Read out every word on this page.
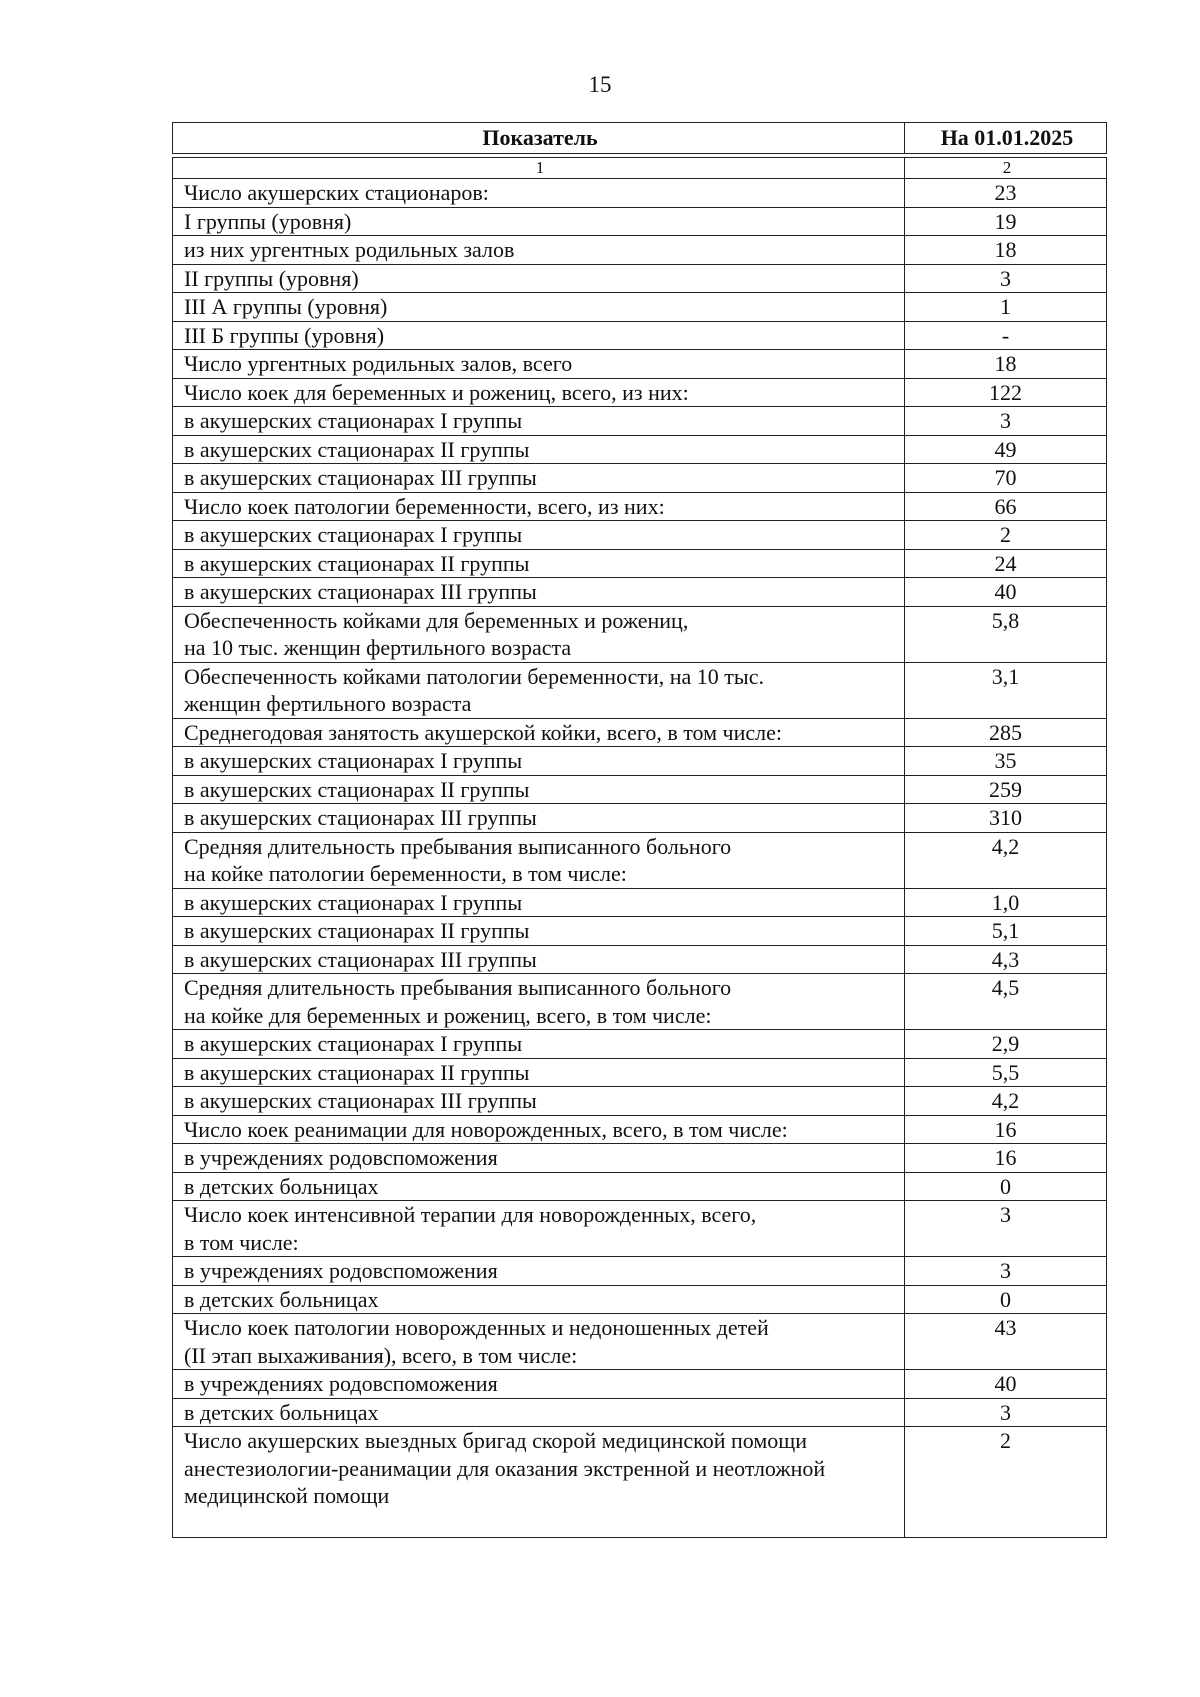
15
Показатель	На 01.01.2025

1	2
Число акушерских стационаров:	23
I группы (уровня)	19
из них ургентных родильных залов	18
II группы (уровня)	3
III А группы (уровня)	1
III Б группы (уровня)	-
Число ургентных родильных залов, всего	18
Число коек для беременных и рожениц, всего, из них:	122
в акушерских стационарах I группы	3
в акушерских стационарах II группы	49
в акушерских стационарах III группы	70
Число коек патологии беременности, всего, из них:	66
в акушерских стационарах I группы	2
в акушерских стационарах II группы	24
в акушерских стационарах III группы	40
Обеспеченность койками для беременных и рожениц,
на 10 тыс. женщин фертильного возраста	5,8
Обеспеченность койками патологии беременности, на 10 тыс.
женщин фертильного возраста	3,1
Среднегодовая занятость акушерской койки, всего, в том числе:	285
в акушерских стационарах I группы	35
в акушерских стационарах II группы	259
в акушерских стационарах III группы	310
Средняя длительность пребывания выписанного больного
на койке патологии беременности, в том числе:	4,2
в акушерских стационарах I группы	1,0
в акушерских стационарах II группы	5,1
в акушерских стационарах III группы	4,3
Средняя длительность пребывания выписанного больного
на койке для беременных и рожениц, всего, в том числе:	4,5
в акушерских стационарах I группы	2,9
в акушерских стационарах II группы	5,5
в акушерских стационарах III группы	4,2
Число коек реанимации для новорожденных, всего, в том числе:	16
в учреждениях родовспоможения	16
в детских больницах	0
Число коек интенсивной терапии для новорожденных, всего,
в том числе:	3
в учреждениях родовспоможения	3
в детских больницах	0
Число коек патологии новорожденных и недоношенных детей
(II этап выхаживания), всего, в том числе:	43
в учреждениях родовспоможения	40
в детских больницах	3
Число акушерских выездных бригад скорой медицинской помощи
анестезиологии-реанимации для оказания экстренной и неотложной
медицинской помощи	2
